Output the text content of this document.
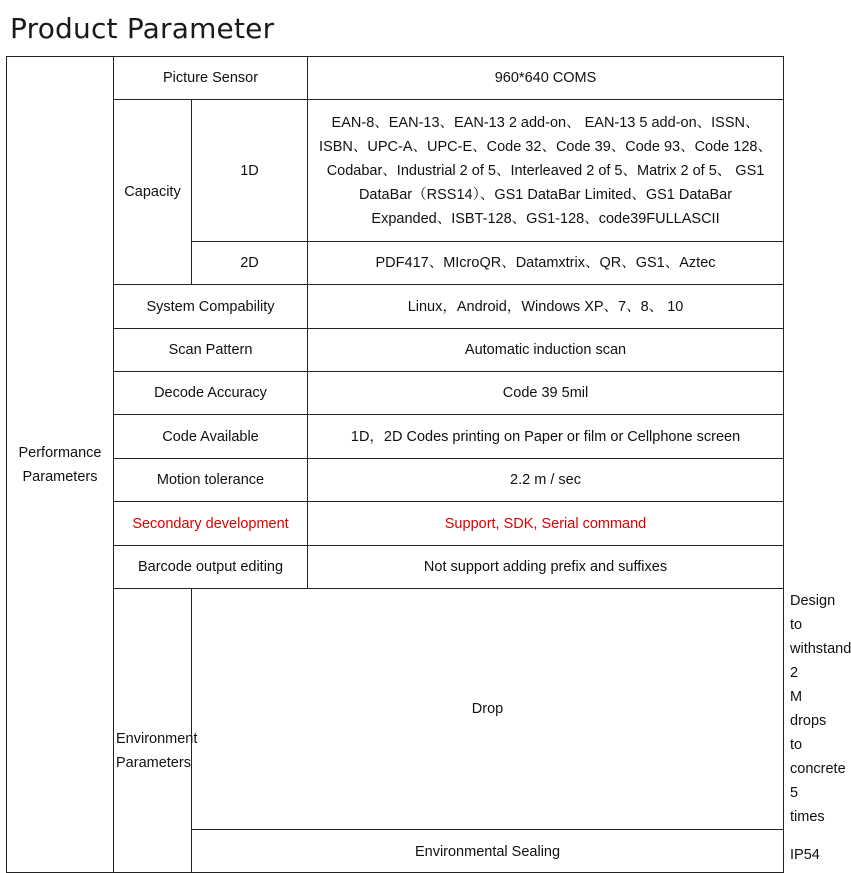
Product Parameter
Performance Parameters	Picture Sensor		960*640 COMS	
	Capacity	1D	EAN-8、EAN-13、EAN-13 2 add-on、 EAN-13 5 add-on、ISSN、ISBN、UPC-A、UPC-E、Code 32、Code 39、Code 93、Code 128、Codabar、Industrial 2 of 5、Interleaved 2 of 5、Matrix 2 of 5、 GS1 DataBar（RSS14）、GS1 DataBar Limited、GS1 DataBar Expanded、ISBT-128、GS1-128、code39FULLASCII	
		2D	PDF417、MIcroQR、Datamxtrix、QR、GS1、Aztec	
	System Compability		Linux，Android，Windows XP、7、8、 10	
	Scan Pattern		Automatic induction scan	
	Decode Accuracy		Code 39 5mil	
	Code Available		1D，2D Codes printing on Paper or film or Cellphone screen	
	Motion tolerance		2.2 m / sec	
	Secondary development		Support, SDK, Serial command	
	Barcode output editing		Not support adding prefix and suffixes	
	Environment Parameters	Drop		Design to withstand 2 M drops to concrete 5 times
		Environmental Sealing		IP54
